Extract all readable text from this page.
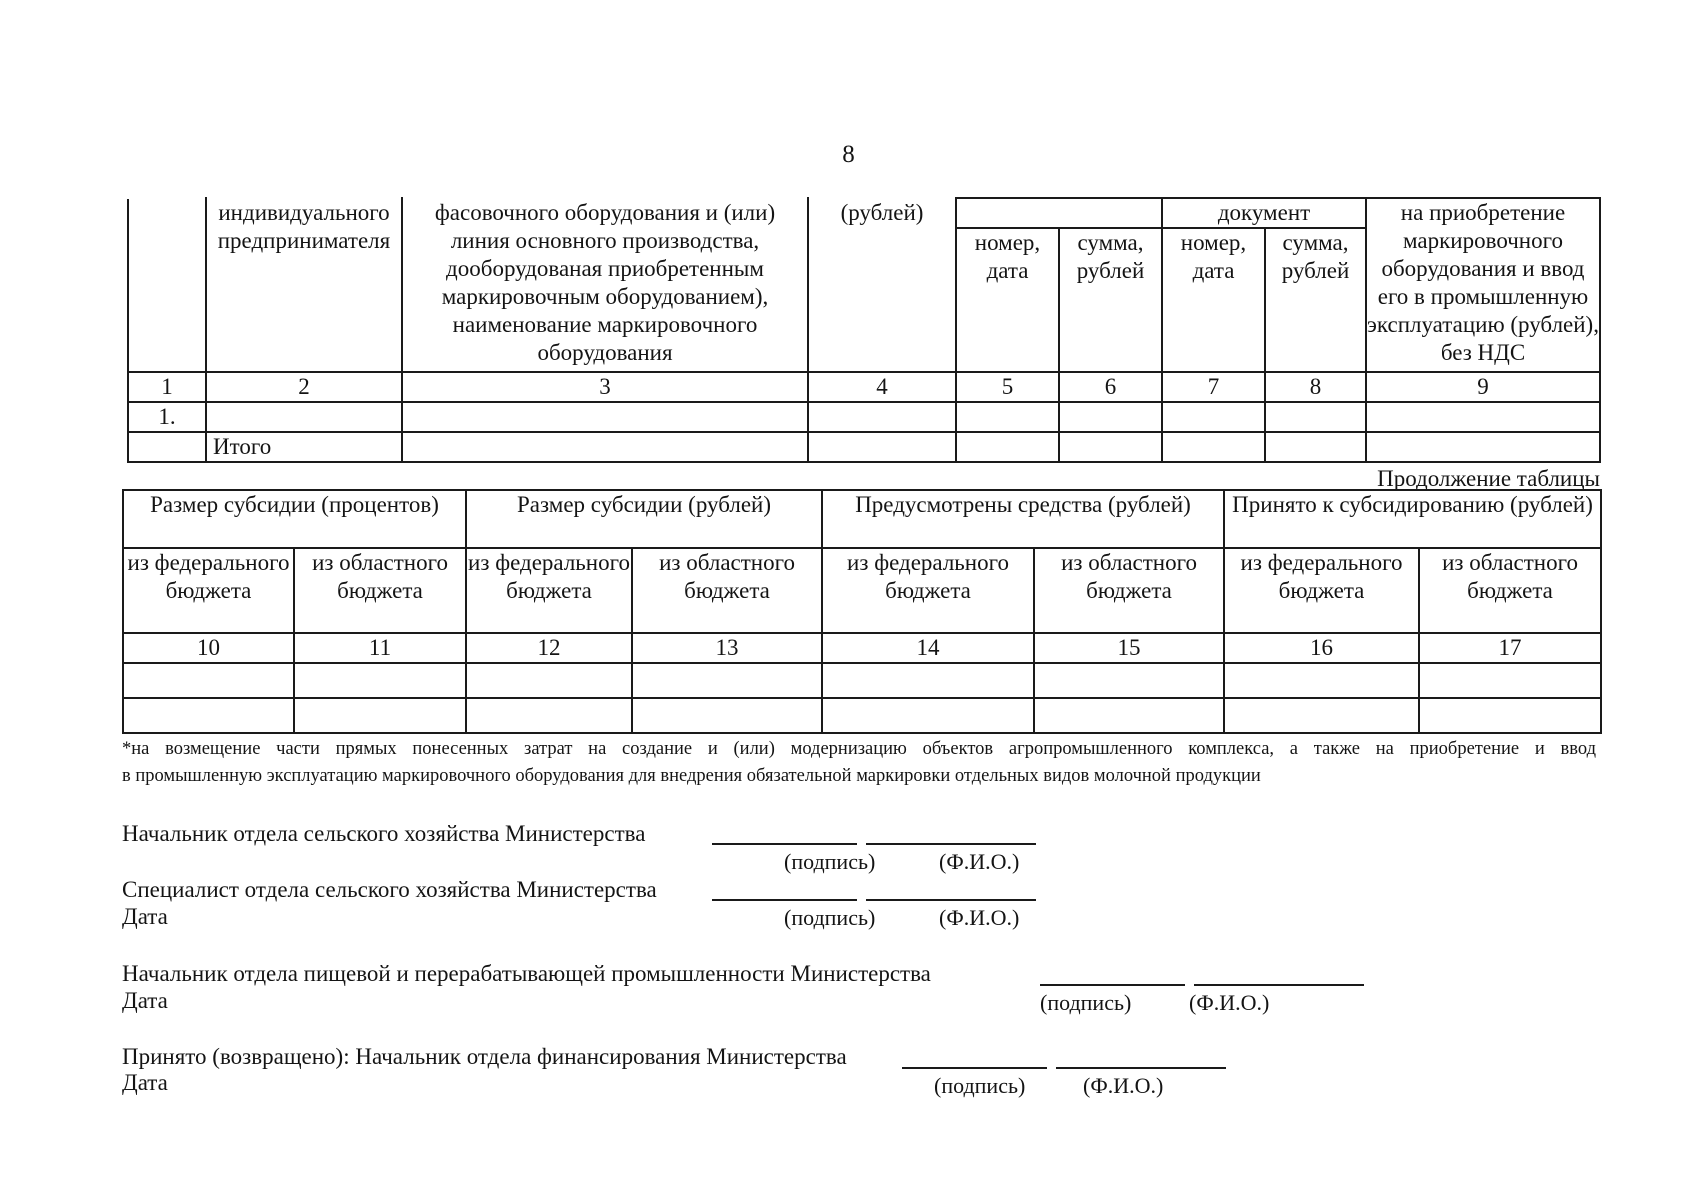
8
	индивидуального предпринимателя	фасовочного оборудования и (или) линия основного производства, дооборудованая приобретенным маркировочным оборудованием), наименование маркировочного оборудования	(рублей)			документ		на приобретение маркировочного оборудования и ввод его в промышленную эксплуатацию (рублей), без НДС
				номер, дата	сумма, рублей	номер, дата	сумма, рублей	
1	2	3	4	5	6	7	8	9
1.								
	Итого							
Продолжение таблицы
Размер субсидии (процентов)		Размер субсидии (рублей)		Предусмотрены средства (рублей)		Принято к субсидированию (рублей)	
из федерального бюджета	из областного бюджета	из федерального бюджета	из областного бюджета	из федерального бюджета	из областного бюджета	из федерального бюджета	из областного бюджета
10	11	12	13	14	15	16	17

*на возмещение части прямых понесенных затрат на создание и (или) модернизацию объектов агропромышленного комплекса, а также на приобретение и ввод
в промышленную эксплуатацию маркировочного оборудования для внедрения обязательной маркировки отдельных видов молочной продукции
Начальник отдела сельского хозяйства Министерства
(подпись)	(Ф.И.О.)
Специалист отдела сельского хозяйства Министерства
Дата	(подпись)	(Ф.И.О.)
Начальник отдела пищевой и перерабатывающей промышленности Министерства
Дата	(подпись)	(Ф.И.О.)
Принято (возвращено): Начальник отдела финансирования Министерства
Дата	(подпись)	(Ф.И.О.)
